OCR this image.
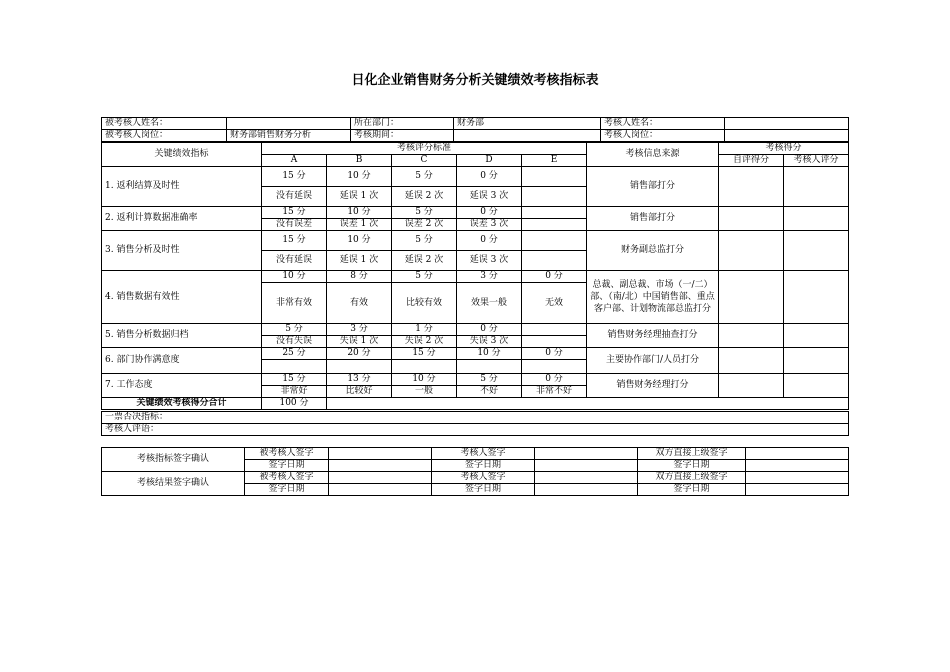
日化企业销售财务分析关键绩效考核指标表
被考核人姓名：		所在部门：	财务部	考核人姓名：	
被考核人岗位：	财务部销售财务分析	考核期间：		考核人岗位：	
关键绩效指标	考核评分标准					考核信息来源	考核得分	
	A	B	C	D	E		自评得分	考核人评分
1. 返利结算及时性	15 分	10 分	5 分	0 分		销售部打分		
	没有延误	延误 1 次	延误 2 次	延误 3 次				
2. 返利计算数据准确率	15 分	10 分	5 分	0 分		销售部打分		
	没有误差	误差 1 次	误差 2 次	误差 3 次				
3. 销售分析及时性	15 分	10 分	5 分	0 分		财务副总监打分		
	没有延误	延误 1 次	延误 2 次	延误 3 次				
4. 销售数据有效性	10 分	8 分	5 分	3 分	0 分	总裁、副总裁、市场（一/二）部、（南/北）中国销售部、重点客户部、计划物流部总监打分		
	非常有效	有效	比较有效	效果一般	无效			
5. 销售分析数据归档	5 分	3 分	1 分	0 分		销售财务经理抽查打分		
	没有失误	失误 1 次	失误 2 次	失误 3 次				
6. 部门协作满意度	25 分	20 分	15 分	10 分	0 分	主要协作部门/人员打分		

7. 工作态度	15 分	13 分	10 分	5 分	0 分	销售财务经理打分		
	非常好	比较好	一般	不好	非常不好			
关键绩效考核得分合计	100 分							
一票否决指标：
考核人评语：
考核指标签字确认	被考核人签字		考核人签字		双方直接上级签字	
	签字日期		签字日期		签字日期	
考核结果签字确认	被考核人签字		考核人签字		双方直接上级签字	
	签字日期		签字日期		签字日期	
